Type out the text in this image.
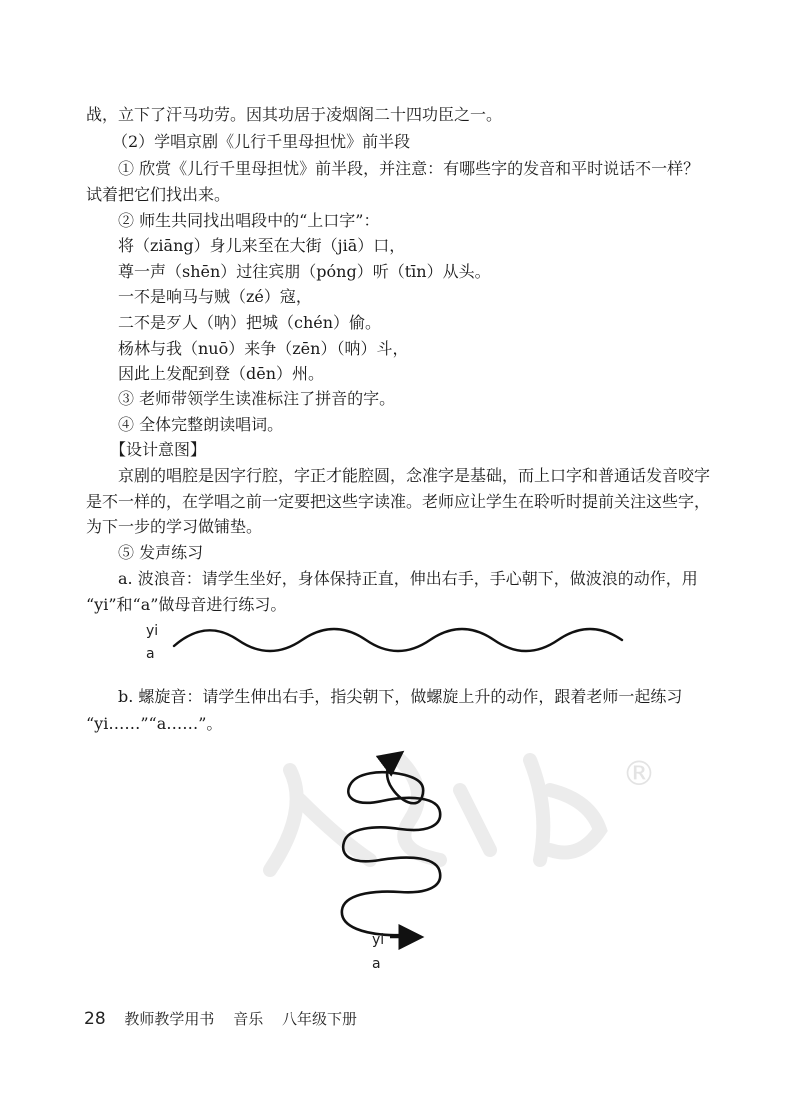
战，立下了汗马功劳。因其功居于凌烟阁二十四功臣之一。
（2）学唱京剧《儿行千里母担忧》前半段
① 欣赏《儿行千里母担忧》前半段，并注意：有哪些字的发音和平时说话不一样？
试着把它们找出来。
② 师生共同找出唱段中的“上口字”：
将（ziāng）身儿来至在大街（jiā）口，
尊一声（shēn）过往宾朋（póng）听（tīn）从头。
一不是响马与贼（zé）寇，
二不是歹人（呐）把城（chén）偷。
杨林与我（nuō）来争（zēn）（呐）斗，
因此上发配到登（dēn）州。
③ 老师带领学生读准标注了拼音的字。
④ 全体完整朗读唱词。
【设计意图】
京剧的唱腔是因字行腔，字正才能腔圆，念准字是基础，而上口字和普通话发音咬字
是不一样的，在学唱之前一定要把这些字读准。老师应让学生在聆听时提前关注这些字，
为下一步的学习做铺垫。
⑤ 发声练习
a. 波浪音：请学生坐好，身体保持正直，伸出右手，手心朝下，做波浪的动作，用
“yi”和“a”做母音进行练习。
yi
a
b. 螺旋音：请学生伸出右手，指尖朝下，做螺旋上升的动作，跟着老师一起练习
“yi……”“a……”。
®
yi
a
28 教师教学用书 音乐 八年级下册
